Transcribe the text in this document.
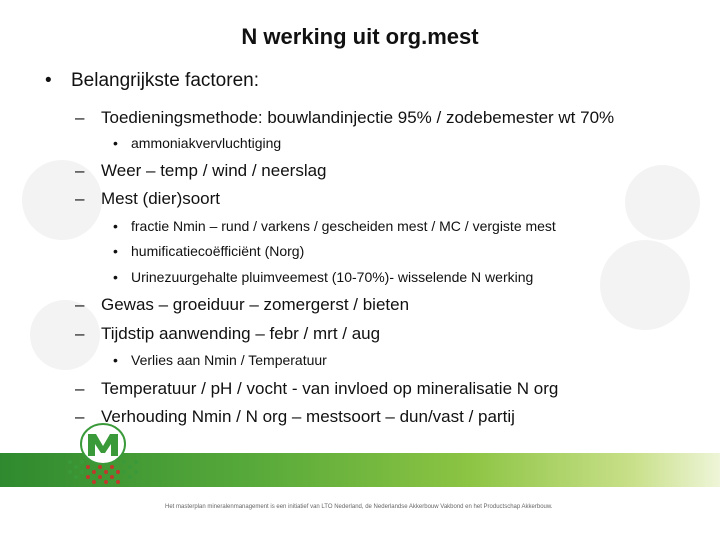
N werking uit org.mest
• Belangrijkste factoren:
– Toedieningsmethode: bouwlandinjectie 95% / zodebemester wt 70%
• ammoniakvervluchtiging
– Weer – temp / wind / neerslag
– Mest (dier)soort
• fractie Nmin – rund / varkens / gescheiden mest / MC / vergiste mest
• humificatiecoëfficiënt (Norg)
• Urinezuurgehalte pluimveemest (10-70%)- wisselende N werking
– Gewas – groeiduur – zomergerst / bieten
– Tijdstip aanwending – febr / mrt / aug
• Verlies aan Nmin / Temperatuur
– Temperatuur / pH / vocht - van invloed op mineralisatie N org
– Verhouding Nmin / N org – mestsoort – dun/vast / partij
Het masterplan mineralenmanagement is een initiatief van LTO Nederland, de Nederlandse Akkerbouw Vakbond en het Productschap Akkerbouw.
